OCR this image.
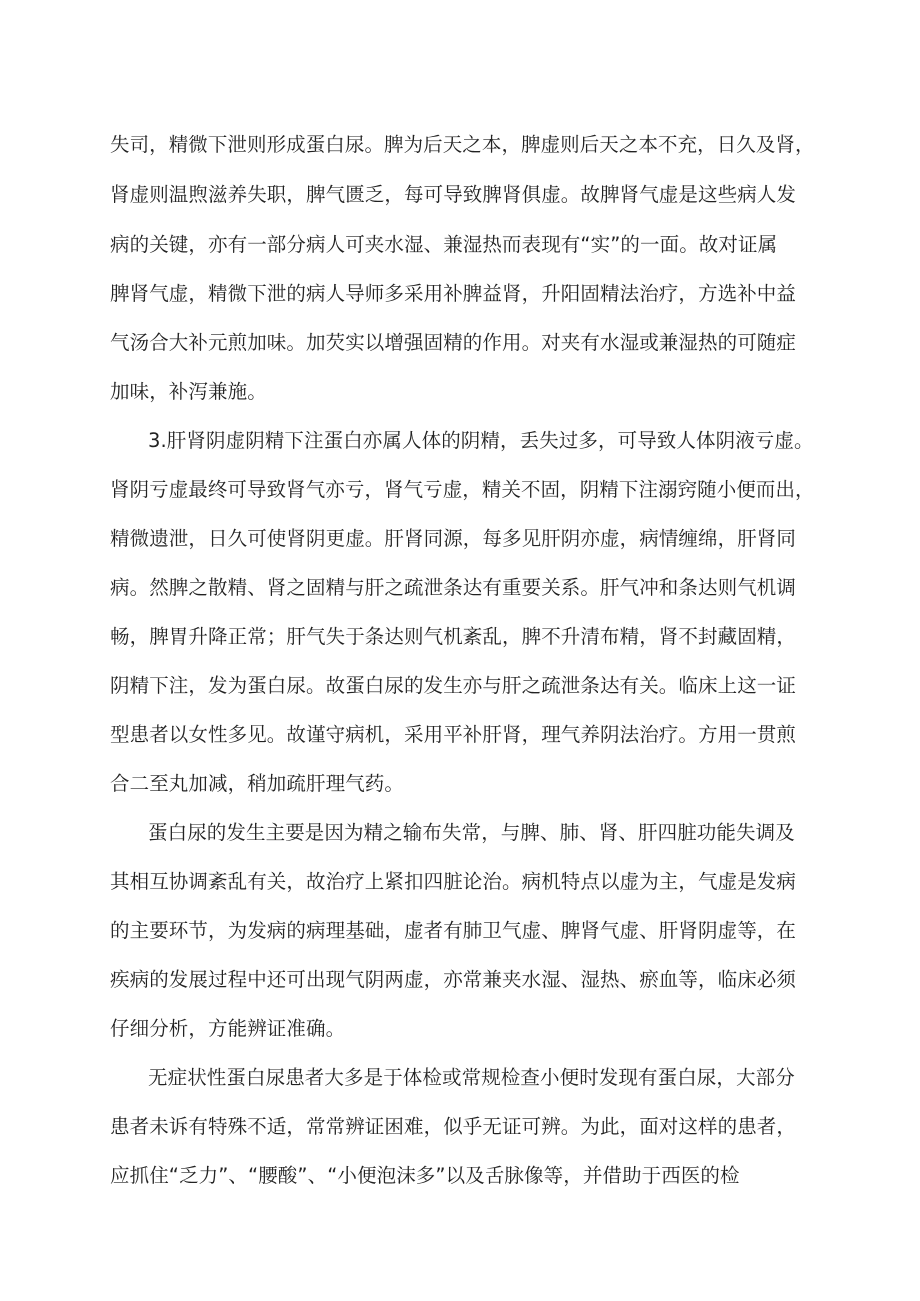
失司，精微下泄则形成蛋白尿。脾为后天之本，脾虚则后天之本不充，日久及肾，
肾虚则温煦滋养失职，脾气匮乏，每可导致脾肾俱虚。故脾肾气虚是这些病人发
病的关键，亦有一部分病人可夹水湿、兼湿热而表现有“实”的一面。故对证属
脾肾气虚，精微下泄的病人导师多采用补脾益肾，升阳固精法治疗，方选补中益
气汤合大补元煎加味。加芡实以增强固精的作用。对夹有水湿或兼湿热的可随症
加味，补泻兼施。
3.肝肾阴虚阴精下注蛋白亦属人体的阴精，丢失过多，可导致人体阴液亏虚。
肾阴亏虚最终可导致肾气亦亏，肾气亏虚，精关不固，阴精下注溺窍随小便而出，
精微遗泄，日久可使肾阴更虚。肝肾同源，每多见肝阴亦虚，病情缠绵，肝肾同
病。然脾之散精、肾之固精与肝之疏泄条达有重要关系。肝气冲和条达则气机调
畅，脾胃升降正常；肝气失于条达则气机紊乱，脾不升清布精，肾不封藏固精，
阴精下注，发为蛋白尿。故蛋白尿的发生亦与肝之疏泄条达有关。临床上这一证
型患者以女性多见。故谨守病机，采用平补肝肾，理气养阴法治疗。方用一贯煎
合二至丸加减，稍加疏肝理气药。
蛋白尿的发生主要是因为精之输布失常，与脾、肺、肾、肝四脏功能失调及
其相互协调紊乱有关，故治疗上紧扣四脏论治。病机特点以虚为主，气虚是发病
的主要环节，为发病的病理基础，虚者有肺卫气虚、脾肾气虚、肝肾阴虚等，在
疾病的发展过程中还可出现气阴两虚，亦常兼夹水湿、湿热、瘀血等，临床必须
仔细分析，方能辨证准确。
无症状性蛋白尿患者大多是于体检或常规检查小便时发现有蛋白尿，大部分
患者未诉有特殊不适，常常辨证困难，似乎无证可辨。为此，面对这样的患者，
应抓住“乏力”、“腰酸”、“小便泡沫多”以及舌脉像等，并借助于西医的检
